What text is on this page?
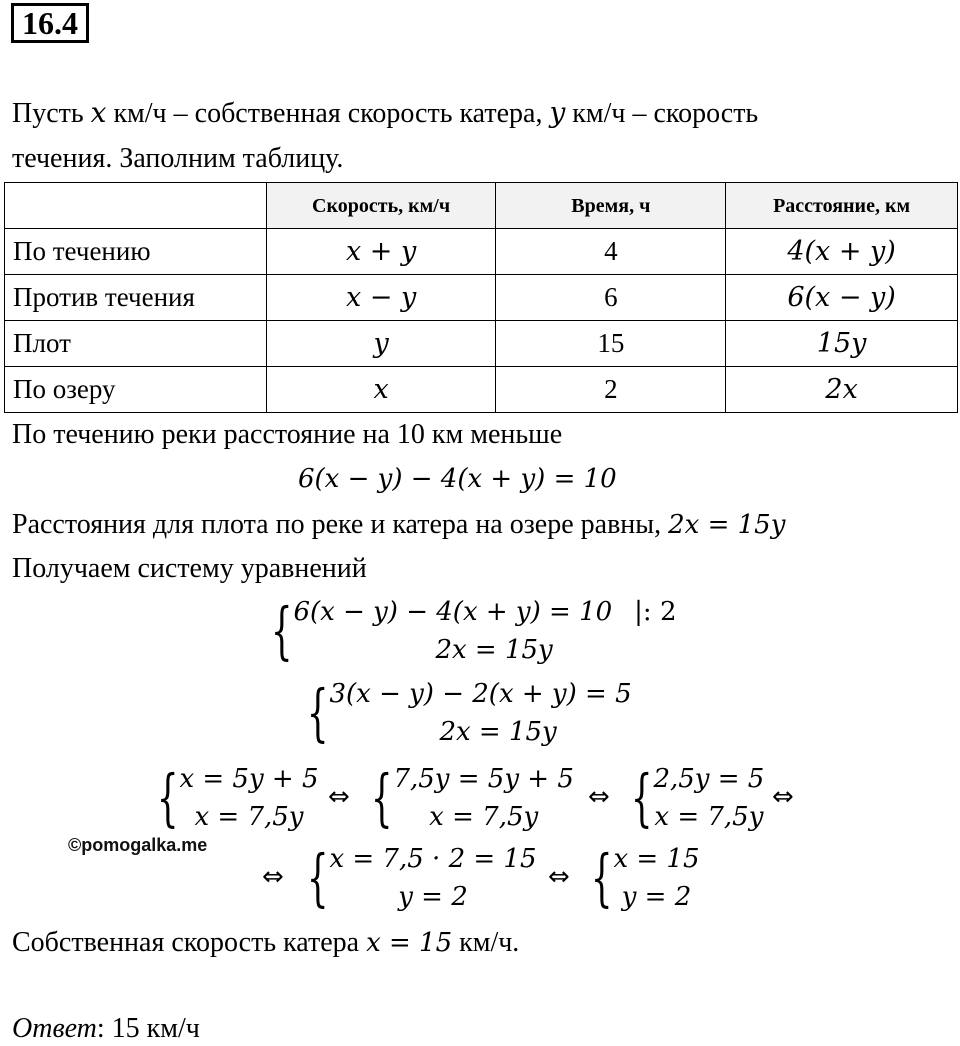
16.4
Пусть x км/ч – собственная скорость катера, y км/ч – скорость
течения. Заполним таблицу.
	Скорость, км/ч	Время, ч	Расстояние, км
По течению	x + y	4	4(x + y)
Против течения	x − y	6	6(x − y)
Плот	y	15	15y
По озеру	x	2	2x
По течению реки расстояние на 10 км меньше
6(x − y) − 4(x + y) = 10
Расстояния для плота по реке и катера на озере равны, 2x = 15y
Получаем систему уравнений
{ 6(x − y) − 4(x + y) = 10 |: 2
2x = 15y
{ 3(x − y) − 2(x + y) = 5
2x = 15y
{ x = 5y + 5
x = 7,5y
⇔ { 7,5y = 5y + 5
x = 7,5y
⇔ { 2,5y = 5
x = 7,5y
⇔
©pomogalka.me
⇔ { x = 7,5 · 2 = 15
y = 2
⇔ { x = 15
y = 2
Собственная скорость катера x = 15 км/ч.
Ответ: 15 км/ч
